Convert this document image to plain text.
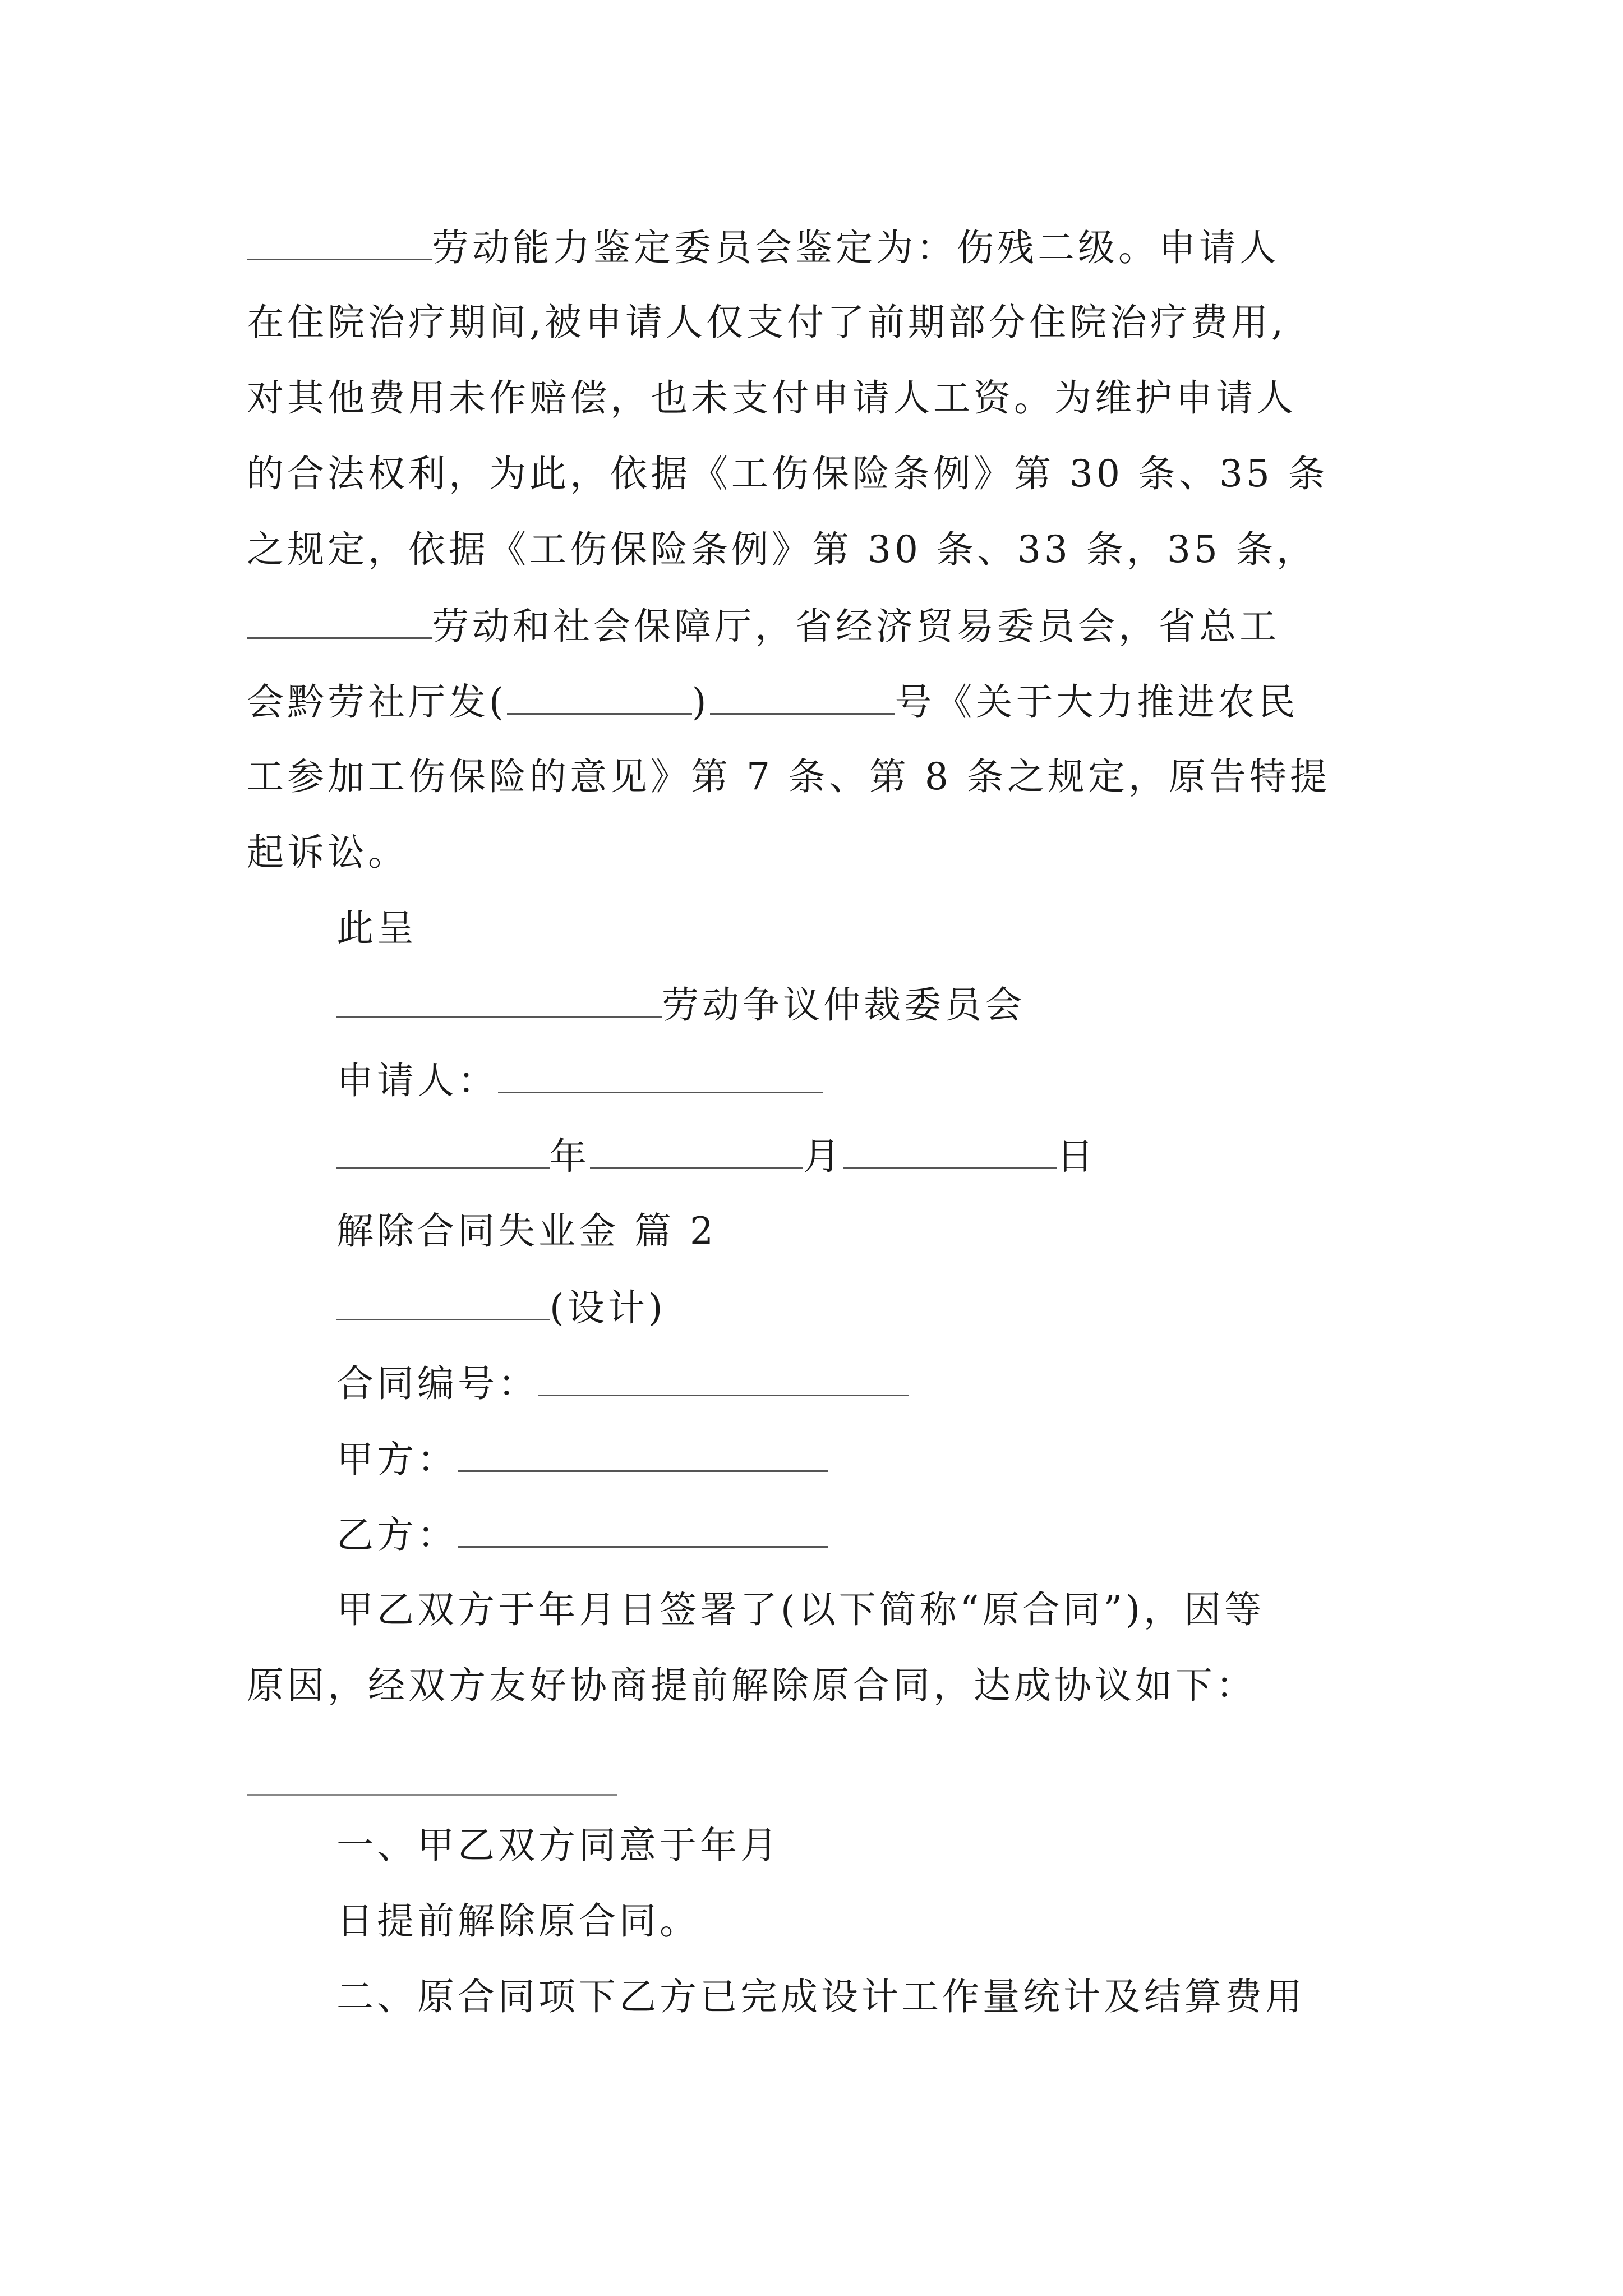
劳动能力鉴定委员会鉴定为：伤残二级。申请人
在住院治疗期间,被申请人仅支付了前期部分住院治疗费用,
对其他费用未作赔偿，也未支付申请人工资。为维护申请人
的合法权利，为此，依据《工伤保险条例》第 30 条、35 条
之规定，依据《工伤保险条例》第 30 条、33 条，35 条，
劳动和社会保障厅，省经济贸易委员会，省总工
会黔劳社厅发(	)	号《关于大力推进农民
工参加工伤保险的意见》第 7 条、第 8 条之规定，原告特提
起诉讼。
此呈
劳动争议仲裁委员会
申请人：
年	月	日
解除合同失业金 篇 2
(设计)
合同编号：
甲方：
乙方：
甲乙双方于年月日签署了(以下简称“原合同”)，因等
原因，经双方友好协商提前解除原合同，达成协议如下：
一、甲乙双方同意于年月
日提前解除原合同。
二、原合同项下乙方已完成设计工作量统计及结算费用
